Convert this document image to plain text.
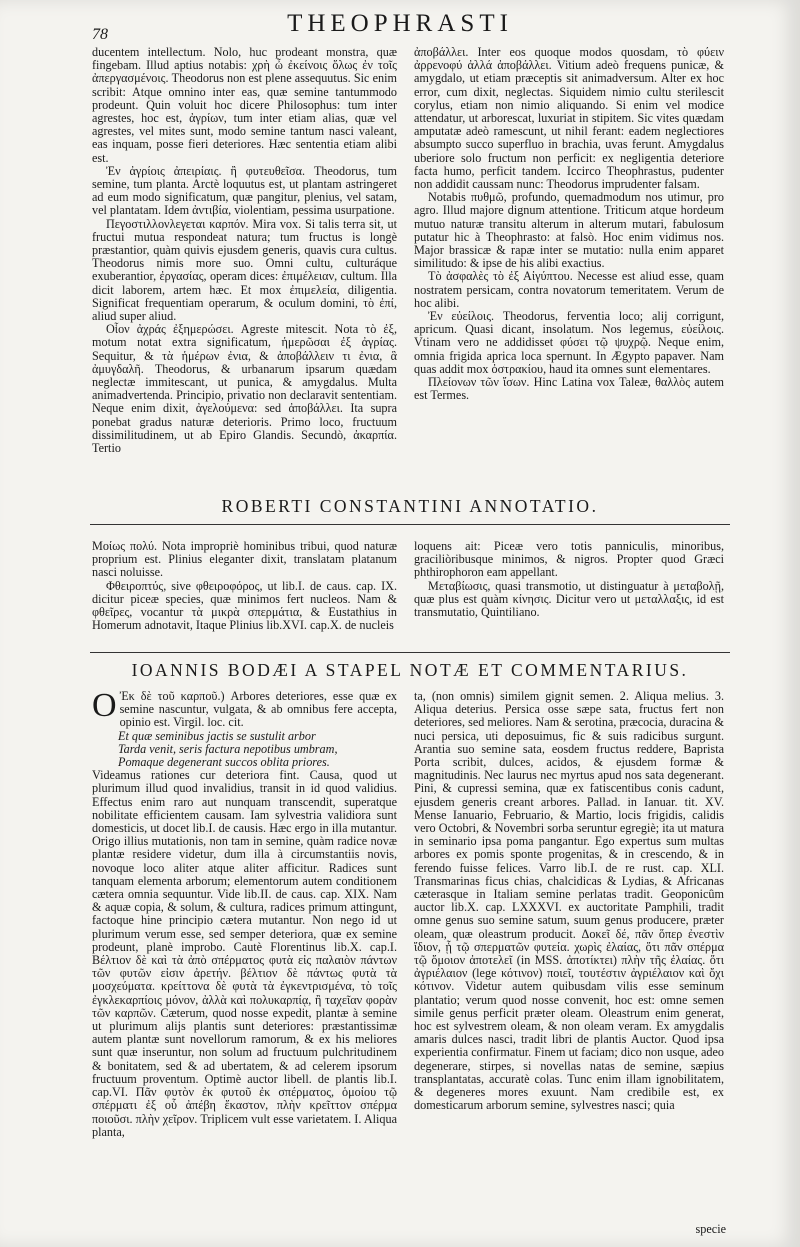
78	THEOPHRASTI

ducentem intellectum. Nolo, huc prodeant monstra, quæ fingebam. Illud aptius notabis: χρὴ ὦ ἐκείνοις ὅλως ἐν τοῖς ἀπεργασμένοις. Theodorus non est plene assequutus. Sic enim scribit: Atque omnino inter eas, quæ semine tantummodo prodeunt. Quin voluit hoc dicere Philosophus: tum inter agrestes, hoc est, ἀγρίων, tum inter etiam alias, quæ vel agrestes, vel mites sunt, modo semine tantum nasci valeant, eas inquam, posse fieri deteriores. Hæc sententia etiam alibi est.

Ἐν ἀγρίοις ἀπειρίαις. ἢ φυτευθεῖσα. Theodorus, tum semine, tum planta. Arctè loquutus est, ut plantam astringeret ad eum modo significatum, quæ pangitur, plenius, vel satam, vel plantatam. Idem ἀντιβία, violentiam, pessima usurpatione.

Πεγοστιλλονλεγεται καρπόν. Mira vox. Si talis terra sit, ut fructui mutua respondeat natura; tum fructus is longè præstantior, quàm quivis ejusdem generis, quavis cura cultus. Theodorus nimis more suo. Omni cultu, culturáque exuberantior, ἐργασίας, operam dices: ἐπιμέλειαν, cultum. Illa dicit laborem, artem hæc. Et mox ἐπιμελεία, diligentia. Significat frequentiam operarum, & oculum domini, τὸ ἐπί, aliud super aliud.

Οἷον ἀχράς ἐξημερώσει. Agreste mitescit. Nota τὸ ἐξ, motum notat extra significatum, ἡμερῶσαι ἐξ ἀγρίας. Sequitur, & τὰ ἡμέρων ἐνια, & ἀποβάλλειν τι ἐνια, ἃ ἀμυγδαλῆ. Theodorus, & urbanarum ipsarum quædam neglectæ immitescant, ut punica, & amygdalus. Multa animadvertenda. Principio, privatio non declaravit sententiam. Neque enim dixit, ἀγελούμενα: sed ἀποβάλλει. Ita supra ponebat gradus naturæ deterioris. Primo loco, fructuum dissimilitudinem, ut ab Epiro Glandis. Secundò, ἀκαρπία. Tertio

ἀποβάλλει. Inter eos quoque modos quosdam, τὸ φύειν ἀρρενοφύ ἀλλά ἀποβάλλει. Vitium adeò frequens punicæ, & amygdalo, ut etiam præceptis sit animadversum. Alter ex hoc error, cum dixit, neglectas. Siquidem nimio cultu sterilescit corylus, etiam non nimio aliquando. Si enim vel modice attendatur, ut arborescat, luxuriat in stipitem. Sic vites quædam amputatæ adeò ramescunt, ut nihil ferant: eadem neglectiores absumpto succo superfluo in brachia, uvas ferunt. Amygdalus uberiore solo fructum non perficit: ex negligentia deteriore facta humo, perficit tandem. Iccirco Theophrastus, pudenter non addidit caussam nunc: Theodorus imprudenter falsam.

Notabis πυθμῶ, profundo, quemadmodum nos utimur, pro agro. Illud majore dignum attentione. Triticum atque hordeum mutuo naturæ transitu alterum in alterum mutari, fabulosum putatur hic à Theophrasto: at falsò. Hoc enim vidimus nos. Major brassicæ & rapæ inter se mutatio: nulla enim apparet similitudo: & ipse de his alibi exactius.

Τὸ ἀσφαλὲς τὸ ἐξ Αἰγύπτου. Necesse est aliud esse, quam nostratem persicam, contra novatorum temeritatem. Verum de hoc alibi.

Ἐν εὐείλοις. Theodorus, ferventia loco; alij corrigunt, apricum. Quasi dicant, insolatum. Nos legemus, εὐείλοις. Vtinam vero ne addidisset φύσει τῷ ψυχρῷ. Neque enim, omnia frigida aprica loca spernunt. In Ægypto papaver. Nam quas addit mox ὀστρακίου, haud ita omnes sunt elementares.

Πλείονων τῶν ἴσων. Hinc Latina vox Taleæ, θαλλὸς autem est Termes.

ROBERTI CONSTANTINI ANNOTATIO.

Μοίως πολύ. Nota impropriè hominibus tribui, quod naturæ proprium est. Plinius eleganter dixit, translatam platanum nasci noluisse.

Φθειροπτύς, sive φθειροφόρος, ut lib.I. de caus. cap. IX. dicitur piceæ species, quæ minimos fert nucleos. Nam & φθεῖρες, vocantur τὰ μικρὰ σπερμάτια, & Eustathius in Homerum adnotavit, Itaque Plinius lib.XVI. cap.X. de nucleis

loquens ait: Piceæ vero totis panniculis, minoribus, graciliòribusque minimos, & nigros. Propter quod Græci phthirophoron eam appellant.

Μεταβίωσις, quasi transmotio, ut distinguatur à μεταβολῇ, quæ plus est quàm κίνησις. Dicitur vero ut μεταλλαξις, id est transmutatio, Quintiliano.

IOANNIS BODÆI A STAPEL NOTÆ ET COMMENTARIUS.

O Ἐκ δὲ τοῦ καρποῦ.) Arbores deteriores, esse quæ ex semine nascuntur, vulgata, & ab omnibus fere accepta, opinio est. Virgil. loc. cit.

Et quæ seminibus jactis se sustulit arbor
Tarda venit, seris factura nepotibus umbram,
Pomaque degenerant succos oblita priores.

Videamus rationes cur deteriora fint. Causa, quod ut plurimum illud quod invalidius, transit in id quod validius. Effectus enim raro aut nunquam transcendit, superatque nobilitate efficientem causam. Iam sylvestria validiora sunt domesticis, ut docet lib.I. de causis. Hæc ergo in illa mutantur. Origo illius mutationis, non tam in semine, quàm radice novæ plantæ residere videtur, dum illa à circumstantiis novis, novoque loco aliter atque aliter afficitur. Radices sunt tanquam elementa arborum; elementorum autem conditionem cætera omnia sequuntur. Vide lib.II. de caus. cap. XIX. Nam & aquæ copia, & solum, & cultura, radices primum attingunt, factoque hine principio cætera mutantur. Non nego id ut plurimum verum esse, sed semper deteriora, quæ ex semine prodeunt, planè improbo. Cautè Florentinus lib.X. cap.I. Βέλτιον δὲ καὶ τὰ ἀπὸ σπέρματος φυτὰ εἰς παλαιὸν πάντων τῶν φυτῶν εἰσιν ἀρετήν. βέλτιον δὲ πάντως φυτὰ τὰ μοσχεύματα. κρείττονα δὲ φυτὰ τὰ ἐγκεντρισμένα, τὸ τοῖς ἐγκλεκαρπίοις μόνον, ἀλλὰ καὶ πολυκαρπίᾳ, ἢ ταχεῖαν φορὰν τῶν καρπῶν. Cæterum, quod nosse expedit, plantæ à semine ut plurimum alijs plantis sunt deteriores: præstantissimæ autem plantæ sunt novellorum ramorum, & ex his meliores sunt quæ inseruntur, non solum ad fructuum pulchritudinem & bonitatem, sed & ad ubertatem, & ad celerem ipsorum fructuum proventum. Optimè auctor libell. de plantis lib.I. cap.VI. Πᾶν φυτὸν ἐκ φυτοῦ ἐκ σπέρματος, ὁμοίου τῷ σπέρματι ἐξ οὗ ἀπέβη ἕκαστον, πλὴν κρεῖττον σπέρμα ποιοῦσι. πλὴν χεῖρον. Triplicem vult esse varietatem. I. Aliqua planta,

ta, (non omnis) similem gignit semen. 2. Aliqua melius. 3. Aliqua deterius. Persica osse sæpe sata, fructus fert non deteriores, sed meliores. Nam & serotina, præcocia, duracina & nuci persica, uti deposuimus, fic & suis radicibus surgunt. Arantia suo semine sata, eosdem fructus reddere, Baprista Porta scribit, dulces, acidos, & ejusdem formæ & magnitudinis. Nec laurus nec myrtus apud nos sata degenerant. Pini, & cupressi semina, quæ ex fatiscentibus conis cadunt, ejusdem generis creant arbores. Pallad. in Ianuar. tit. XV. Mense Ianuario, Februario, & Martio, locis frigidis, calidis vero Octobri, & Novembri sorba seruntur egregiè; ita ut matura in seminario ipsa poma pangantur. Ego expertus sum multas arbores ex pomis sponte progenitas, & in crescendo, & in ferendo fuisse felices. Varro lib.I. de re rust. cap. XLI. Transmarinas ficus chias, chalcidicas & Lydias, & Africanas cæterasque in Italiam semine perlatas tradit. Geoponicûm auctor lib.X. cap. LXXXVI. ex auctoritate Pamphili, tradit omne genus suo semine satum, suum genus producere, præter oleam, quæ oleastrum producit. Δοκεῖ δέ, πᾶν ὅπερ ἐνεστὶν ἴδιον, ᾗ τῷ σπερματῶν φυτεία. χωρὶς ἐλαίας, ὅτι πᾶν σπέρμα τῷ ὅμοιον ἀποτελεῖ (in MSS. ἀποτίκτει) πλὴν τῆς ἐλαίας. ὅτι ἀγριέλαιον (lege κότινον) ποιεῖ, τουτέστιν ἀγριέλαιον καὶ ὄχι κότινον. Videtur autem quibusdam vilis esse seminum plantatio; verum quod nosse convenit, hoc est: omne semen simile genus perficit præter oleam. Oleastrum enim generat, hoc est sylvestrem oleam, & non oleam veram. Ex amygdalis amaris dulces nasci, tradit libri de plantis Auctor. Quod ipsa experientia confirmatur. Finem ut faciam; dico non usque, adeo degenerare, stirpes, si novellas natas de semine, sæpius transplantatas, accuratè colas. Tunc enim illam ignobilitatem, & degeneres mores exuunt. Nam credibile est, ex domesticarum arborum semine, sylvestres nasci; quia

specie
